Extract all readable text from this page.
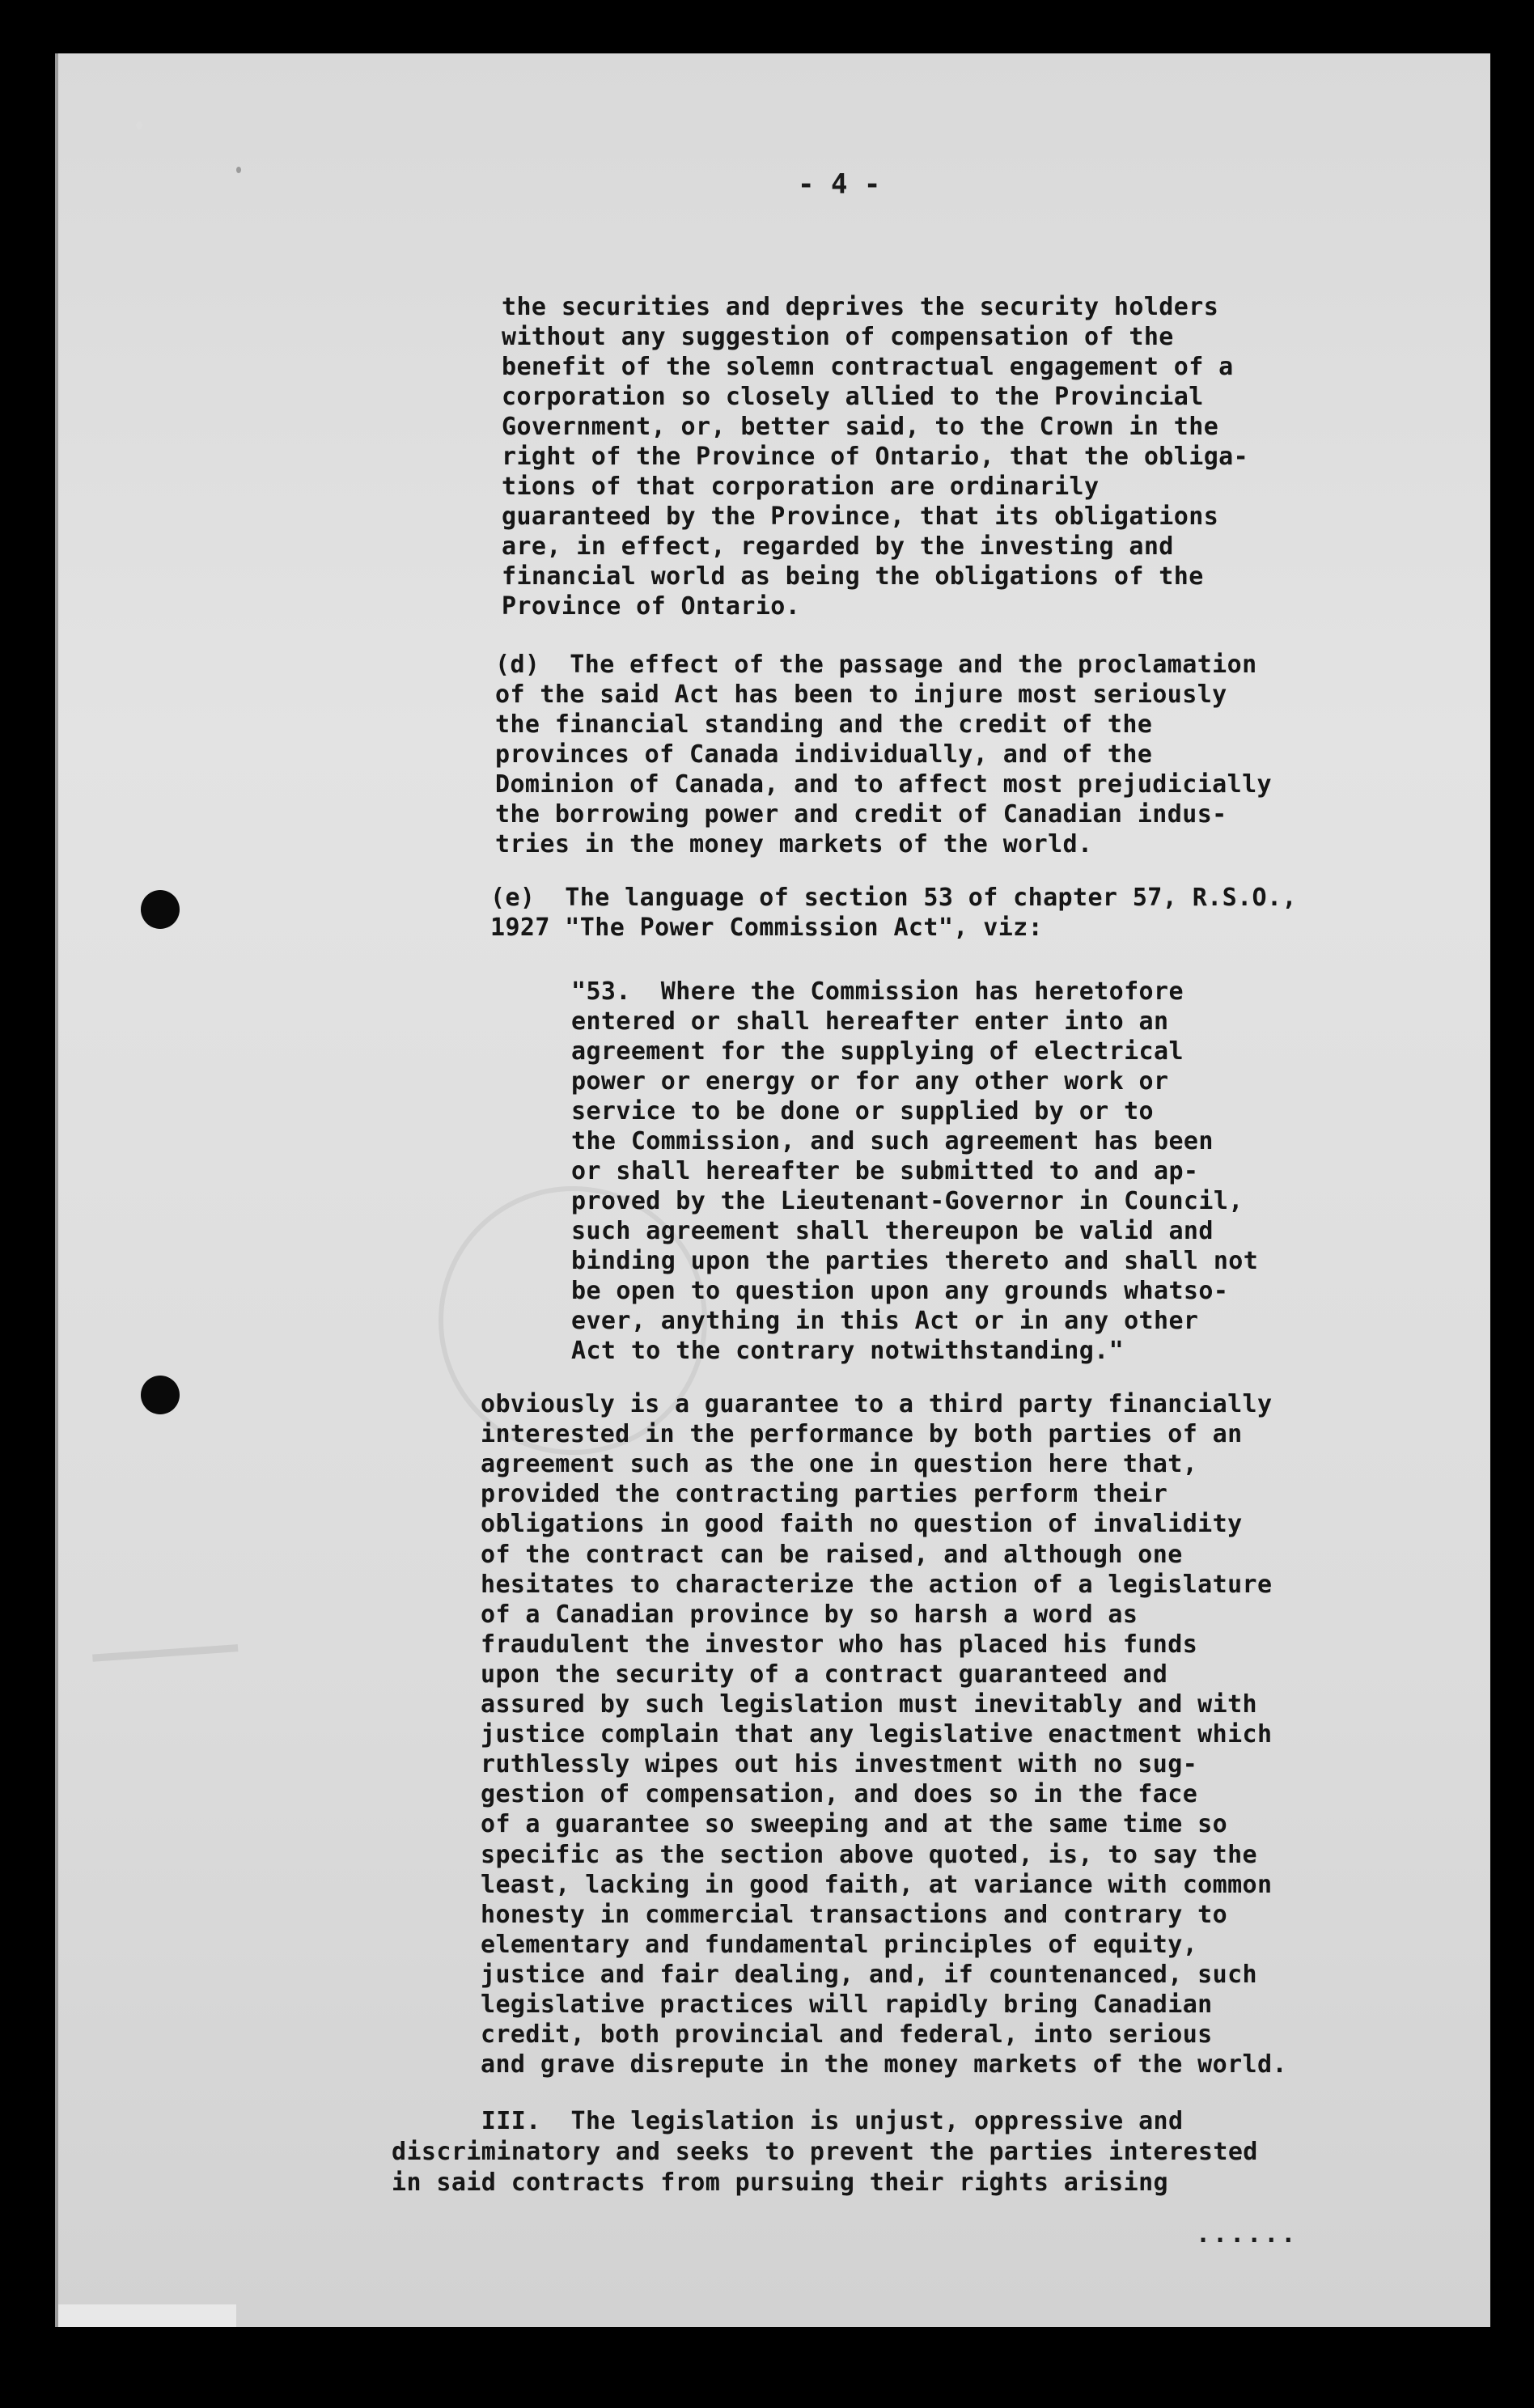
⸺
- 4 -
the securities and deprives the security holders
without any suggestion of compensation of the
benefit of the solemn contractual engagement of a
corporation so closely allied to the Provincial
Government, or, better said, to the Crown in the
right of the Province of Ontario, that the obliga-
tions of that corporation are ordinarily
guaranteed by the Province, that its obligations
are, in effect, regarded by the investing and
financial world as being the obligations of the
Province of Ontario.
(d)  The effect of the passage and the proclamation
of the said Act has been to injure most seriously
the financial standing and the credit of the
provinces of Canada individually, and of the
Dominion of Canada, and to affect most prejudicially
the borrowing power and credit of Canadian indus-
tries in the money markets of the world.
(e)  The language of section 53 of chapter 57, R.S.O.,
1927 "The Power Commission Act", viz:
"53.  Where the Commission has heretofore
entered or shall hereafter enter into an
agreement for the supplying of electrical
power or energy or for any other work or
service to be done or supplied by or to
the Commission, and such agreement has been
or shall hereafter be submitted to and ap-
proved by the Lieutenant-Governor in Council,
such agreement shall thereupon be valid and
binding upon the parties thereto and shall not
be open to question upon any grounds whatso-
ever, anything in this Act or in any other
Act to the contrary notwithstanding."
obviously is a guarantee to a third party financially
interested in the performance by both parties of an
agreement such as the one in question here that,
provided the contracting parties perform their
obligations in good faith no question of invalidity
of the contract can be raised, and although one
hesitates to characterize the action of a legislature
of a Canadian province by so harsh a word as
fraudulent the investor who has placed his funds
upon the security of a contract guaranteed and
assured by such legislation must inevitably and with
justice complain that any legislative enactment which
ruthlessly wipes out his investment with no sug-
gestion of compensation, and does so in the face
of a guarantee so sweeping and at the same time so
specific as the section above quoted, is, to say the
least, lacking in good faith, at variance with common
honesty in commercial transactions and contrary to
elementary and fundamental principles of equity,
justice and fair dealing, and, if countenanced, such
legislative practices will rapidly bring Canadian
credit, both provincial and federal, into serious
and grave disrepute in the money markets of the world.
III.  The legislation is unjust, oppressive and
discriminatory and seeks to prevent the parties interested
in said contracts from pursuing their rights arising
......
